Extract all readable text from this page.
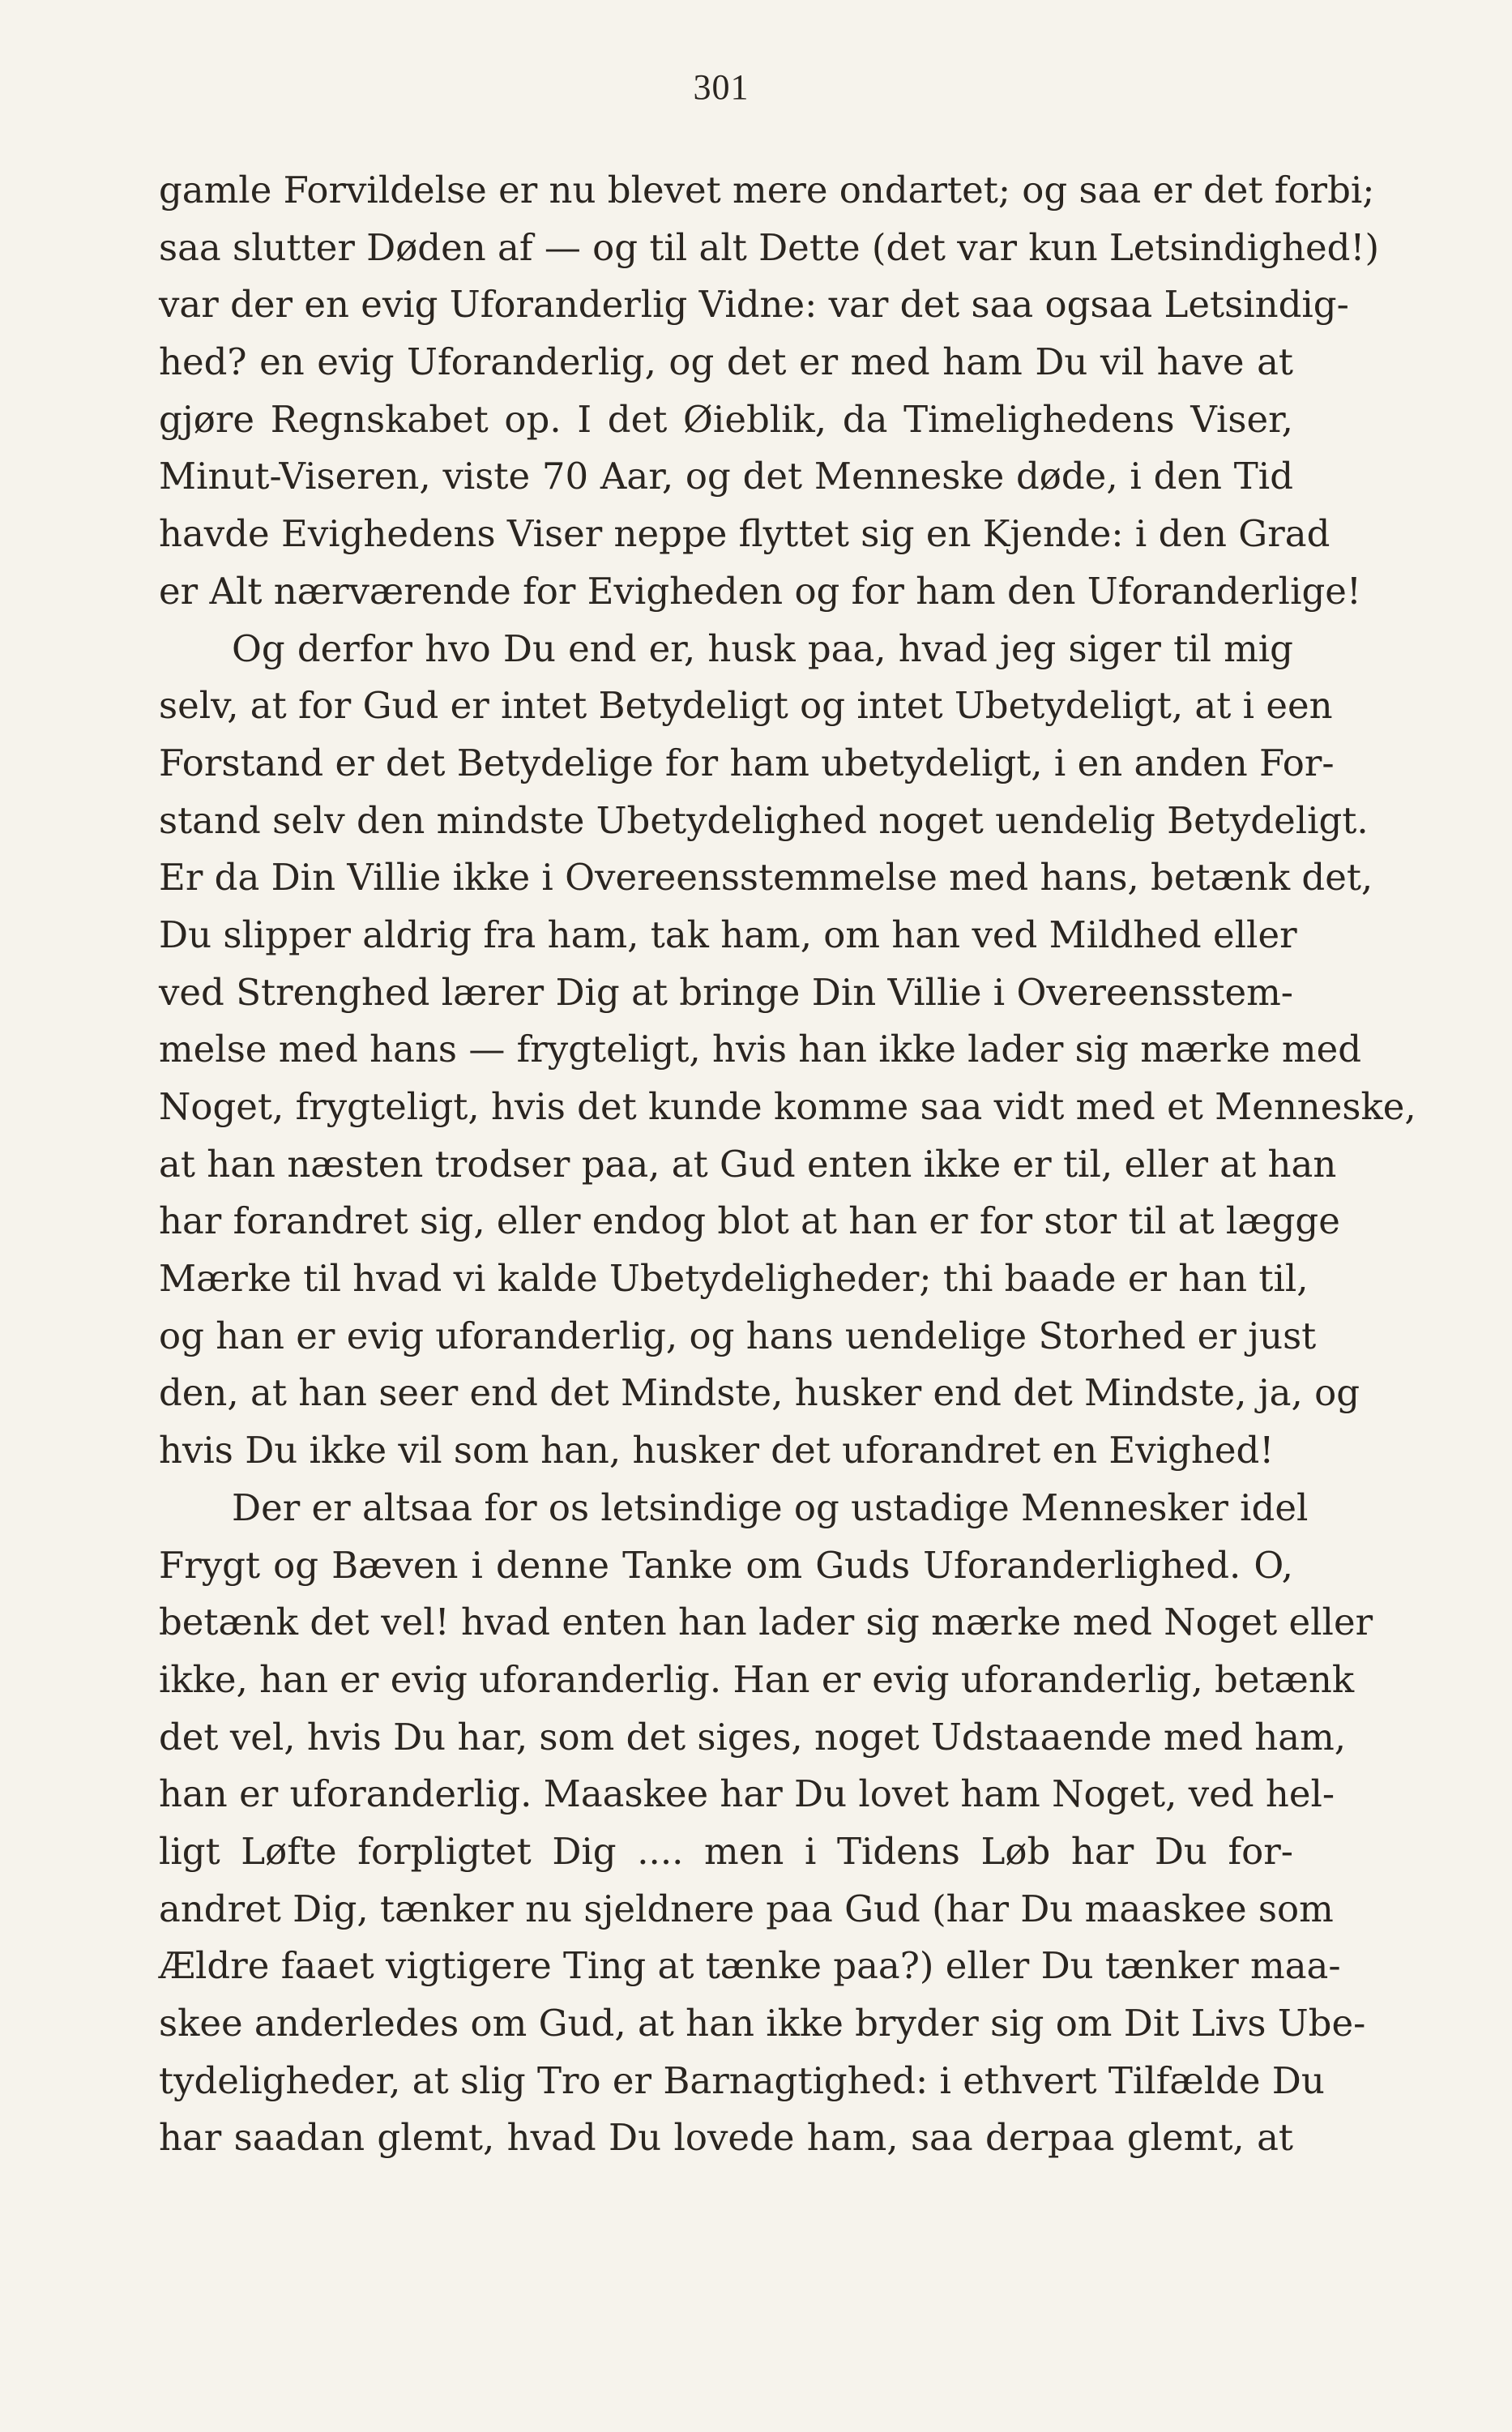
301
gamle Forvildelse er nu blevet mere ondartet; og saa er det forbi;
saa slutter Døden af — og til alt Dette (det var kun Letsindighed!)
var der en evig Uforanderlig Vidne: var det saa ogsaa Letsindig-
hed? en evig Uforanderlig, og det er med ham Du vil have at
gjøre Regnskabet op. I det Øieblik, da Timelighedens Viser,
Minut-Viseren, viste 70 Aar, og det Menneske døde, i den Tid
havde Evighedens Viser neppe flyttet sig en Kjende: i den Grad
er Alt nærværende for Evigheden og for ham den Uforanderlige!
Og derfor hvo Du end er, husk paa, hvad jeg siger til mig
selv, at for Gud er intet Betydeligt og intet Ubetydeligt, at i een
Forstand er det Betydelige for ham ubetydeligt, i en anden For-
stand selv den mindste Ubetydelighed noget uendelig Betydeligt.
Er da Din Villie ikke i Overeensstemmelse med hans, betænk det,
Du slipper aldrig fra ham, tak ham, om han ved Mildhed eller
ved Strenghed lærer Dig at bringe Din Villie i Overeensstem-
melse med hans — frygteligt, hvis han ikke lader sig mærke med
Noget, frygteligt, hvis det kunde komme saa vidt med et Menneske,
at han næsten trodser paa, at Gud enten ikke er til, eller at han
har forandret sig, eller endog blot at han er for stor til at lægge
Mærke til hvad vi kalde Ubetydeligheder; thi baade er han til,
og han er evig uforanderlig, og hans uendelige Storhed er just
den, at han seer end det Mindste, husker end det Mindste, ja, og
hvis Du ikke vil som han, husker det uforandret en Evighed!
Der er altsaa for os letsindige og ustadige Mennesker idel
Frygt og Bæven i denne Tanke om Guds Uforanderlighed. O,
betænk det vel! hvad enten han lader sig mærke med Noget eller
ikke, han er evig uforanderlig. Han er evig uforanderlig, betænk
det vel, hvis Du har, som det siges, noget Udstaaende med ham,
han er uforanderlig. Maaskee har Du lovet ham Noget, ved hel-
ligt Løfte forpligtet Dig .... men i Tidens Løb har Du for-
andret Dig, tænker nu sjeldnere paa Gud (har Du maaskee som
Ældre faaet vigtigere Ting at tænke paa?) eller Du tænker maa-
skee anderledes om Gud, at han ikke bryder sig om Dit Livs Ube-
tydeligheder, at slig Tro er Barnagtighed: i ethvert Tilfælde Du
har saadan glemt, hvad Du lovede ham, saa derpaa glemt, at
